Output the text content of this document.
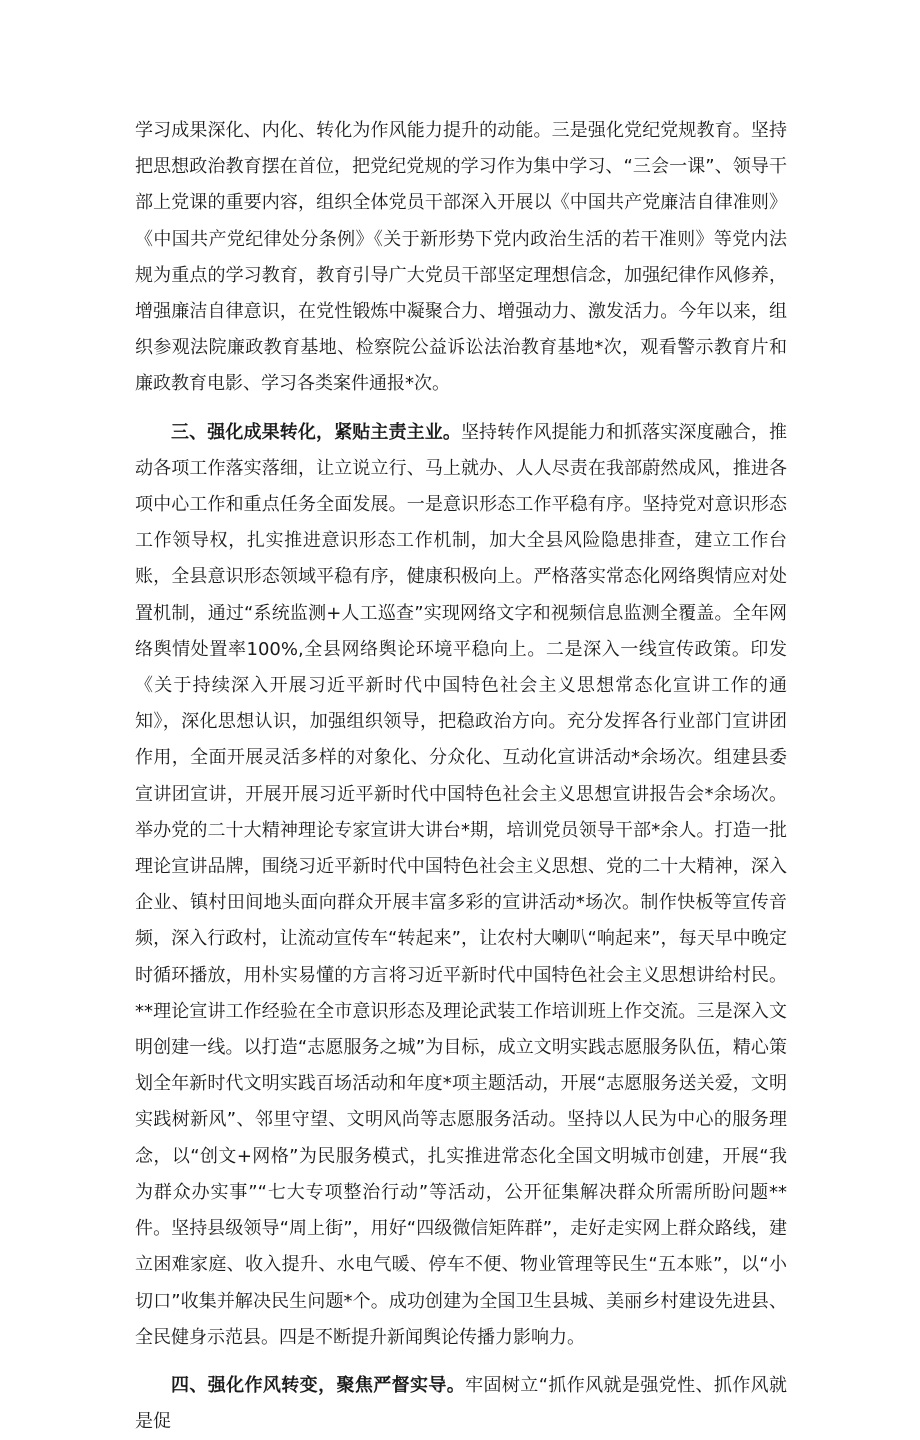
学习成果深化、内化、转化为作风能力提升的动能。三是强化党纪党规教育。坚持把思想政治教育摆在首位，把党纪党规的学习作为集中学习、“三会一课”、领导干部上党课的重要内容，组织全体党员干部深入开展以《中国共产党廉洁自律准则》《中国共产党纪律处分条例》《关于新形势下党内政治生活的若干准则》等党内法规为重点的学习教育，教育引导广大党员干部坚定理想信念，加强纪律作风修养，增强廉洁自律意识，在党性锻炼中凝聚合力、增强动力、激发活力。今年以来，组织参观法院廉政教育基地、检察院公益诉讼法治教育基地*次，观看警示教育片和廉政教育电影、学习各类案件通报*次。

三、强化成果转化，紧贴主责主业。坚持转作风提能力和抓落实深度融合，推动各项工作落实落细，让立说立行、马上就办、人人尽责在我部蔚然成风，推进各项中心工作和重点任务全面发展。一是意识形态工作平稳有序。坚持党对意识形态工作领导权，扎实推进意识形态工作机制，加大全县风险隐患排查，建立工作台账，全县意识形态领域平稳有序，健康积极向上。严格落实常态化网络舆情应对处置机制，通过“系统监测+人工巡查”实现网络文字和视频信息监测全覆盖。全年网络舆情处置率100%,全县网络舆论环境平稳向上。二是深入一线宣传政策。印发《关于持续深入开展习近平新时代中国特色社会主义思想常态化宣讲工作的通知》，深化思想认识，加强组织领导，把稳政治方向。充分发挥各行业部门宣讲团作用，全面开展灵活多样的对象化、分众化、互动化宣讲活动*余场次。组建县委宣讲团宣讲，开展开展习近平新时代中国特色社会主义思想宣讲报告会*余场次。举办党的二十大精神理论专家宣讲大讲台*期，培训党员领导干部*余人。打造一批理论宣讲品牌，围绕习近平新时代中国特色社会主义思想、党的二十大精神，深入企业、镇村田间地头面向群众开展丰富多彩的宣讲活动*场次。制作快板等宣传音频，深入行政村，让流动宣传车“转起来”，让农村大喇叭“响起来”，每天早中晚定时循环播放，用朴实易懂的方言将习近平新时代中国特色社会主义思想讲给村民。**理论宣讲工作经验在全市意识形态及理论武装工作培训班上作交流。三是深入文明创建一线。以打造“志愿服务之城”为目标，成立文明实践志愿服务队伍，精心策划全年新时代文明实践百场活动和年度*项主题活动，开展“志愿服务送关爱，文明实践树新风”、邻里守望、文明风尚等志愿服务活动。坚持以人民为中心的服务理念，以“创文+网格”为民服务模式，扎实推进常态化全国文明城市创建，开展“我为群众办实事”“七大专项整治行动”等活动，公开征集解决群众所需所盼问题**件。坚持县级领导“周上街”，用好“四级微信矩阵群”，走好走实网上群众路线，建立困难家庭、收入提升、水电气暖、停车不便、物业管理等民生“五本账”，以“小切口”收集并解决民生问题*个。成功创建为全国卫生县城、美丽乡村建设先进县、全民健身示范县。四是不断提升新闻舆论传播力影响力。

四、强化作风转变，聚焦严督实导。牢固树立“抓作风就是强党性、抓作风就是促
